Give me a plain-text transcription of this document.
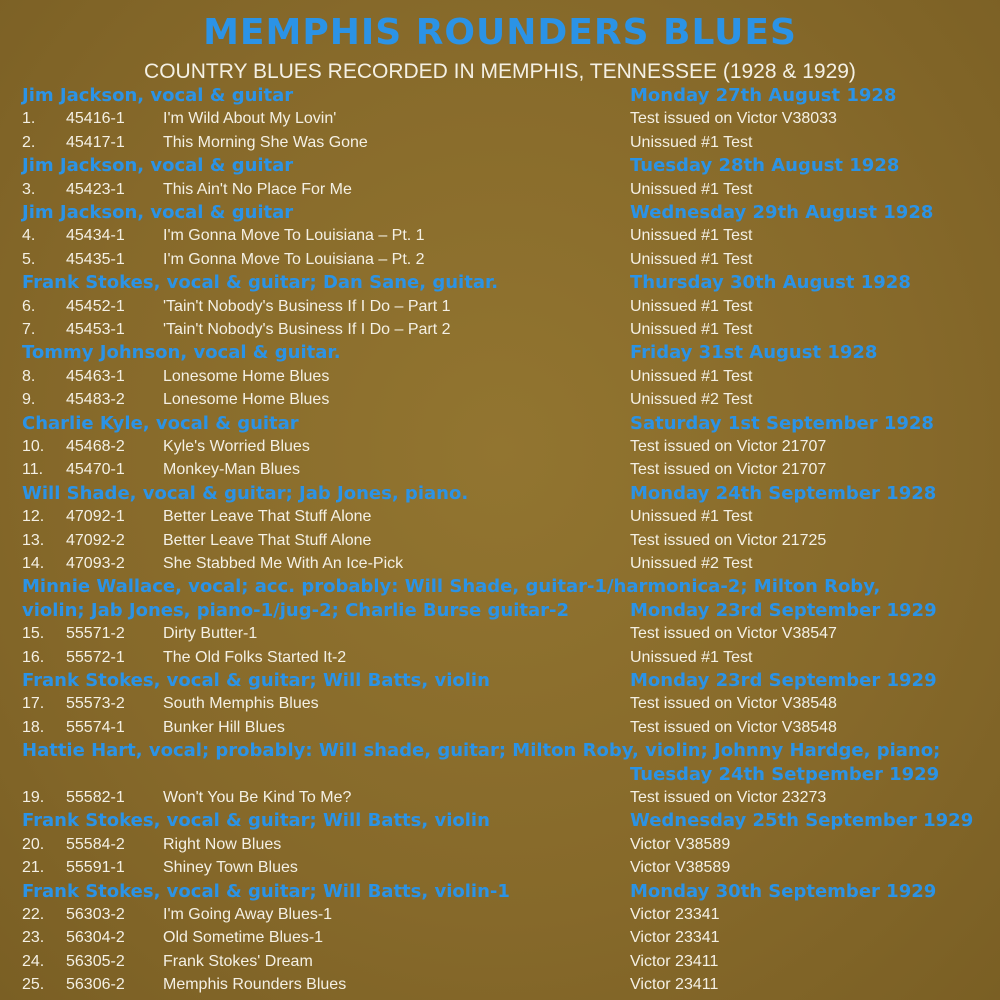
MEMPHIS ROUNDERS BLUES
COUNTRY BLUES RECORDED IN MEMPHIS, TENNESSEE (1928 & 1929)
Jim Jackson, vocal & guitar	Monday 27th August 1928
1. 45416-1 I'm Wild About My Lovin'	Test issued on Victor V38033
2. 45417-1 This Morning She Was Gone	Unissued #1 Test
Jim Jackson, vocal & guitar	Tuesday 28th August 1928
3. 45423-1 This Ain't No Place For Me	Unissued #1 Test
Jim Jackson, vocal & guitar	Wednesday 29th August 1928
4. 45434-1 I'm Gonna Move To Louisiana – Pt. 1	Unissued #1 Test
5. 45435-1 I'm Gonna Move To Louisiana – Pt. 2	Unissued #1 Test
Frank Stokes, vocal & guitar; Dan Sane, guitar.	Thursday 30th August 1928
6. 45452-1 'Tain't Nobody's Business If I Do – Part 1	Unissued #1 Test
7. 45453-1 'Tain't Nobody's Business If I Do – Part 2	Unissued #1 Test
Tommy Johnson, vocal & guitar.	Friday 31st August 1928
8. 45463-1 Lonesome Home Blues	Unissued #1 Test
9. 45483-2 Lonesome Home Blues	Unissued #2 Test
Charlie Kyle, vocal & guitar	Saturday 1st September 1928
10. 45468-2 Kyle's Worried Blues	Test issued on Victor 21707
11. 45470-1 Monkey-Man Blues	Test issued on Victor 21707
Will Shade, vocal & guitar; Jab Jones, piano.	Monday 24th September 1928
12. 47092-1 Better Leave That Stuff Alone	Unissued #1 Test
13. 47092-2 Better Leave That Stuff Alone	Test issued on Victor 21725
14. 47093-2 She Stabbed Me With An Ice-Pick	Unissued #2 Test
Minnie Wallace, vocal; acc. probably: Will Shade, guitar-1/harmonica-2; Milton Roby,
violin; Jab Jones, piano-1/jug-2; Charlie Burse guitar-2	Monday 23rd September 1929
15. 55571-2 Dirty Butter-1	Test issued on Victor V38547
16. 55572-1 The Old Folks Started It-2	Unissued #1 Test
Frank Stokes, vocal & guitar; Will Batts, violin	Monday 23rd September 1929
17. 55573-2 South Memphis Blues	Test issued on Victor V38548
18. 55574-1 Bunker Hill Blues	Test issued on Victor V38548
Hattie Hart, vocal; probably: Will shade, guitar; Milton Roby, violin; Johnny Hardge, piano;
Tuesday 24th Setpember 1929
19. 55582-1 Won't You Be Kind To Me?	Test issued on Victor 23273
Frank Stokes, vocal & guitar; Will Batts, violin	Wednesday 25th September 1929
20. 55584-2 Right Now Blues	Victor V38589
21. 55591-1 Shiney Town Blues	Victor V38589
Frank Stokes, vocal & guitar; Will Batts, violin-1	Monday 30th September 1929
22. 56303-2 I'm Going Away Blues-1	Victor 23341
23. 56304-2 Old Sometime Blues-1	Victor 23341
24. 56305-2 Frank Stokes' Dream	Victor 23411
25. 56306-2 Memphis Rounders Blues	Victor 23411
